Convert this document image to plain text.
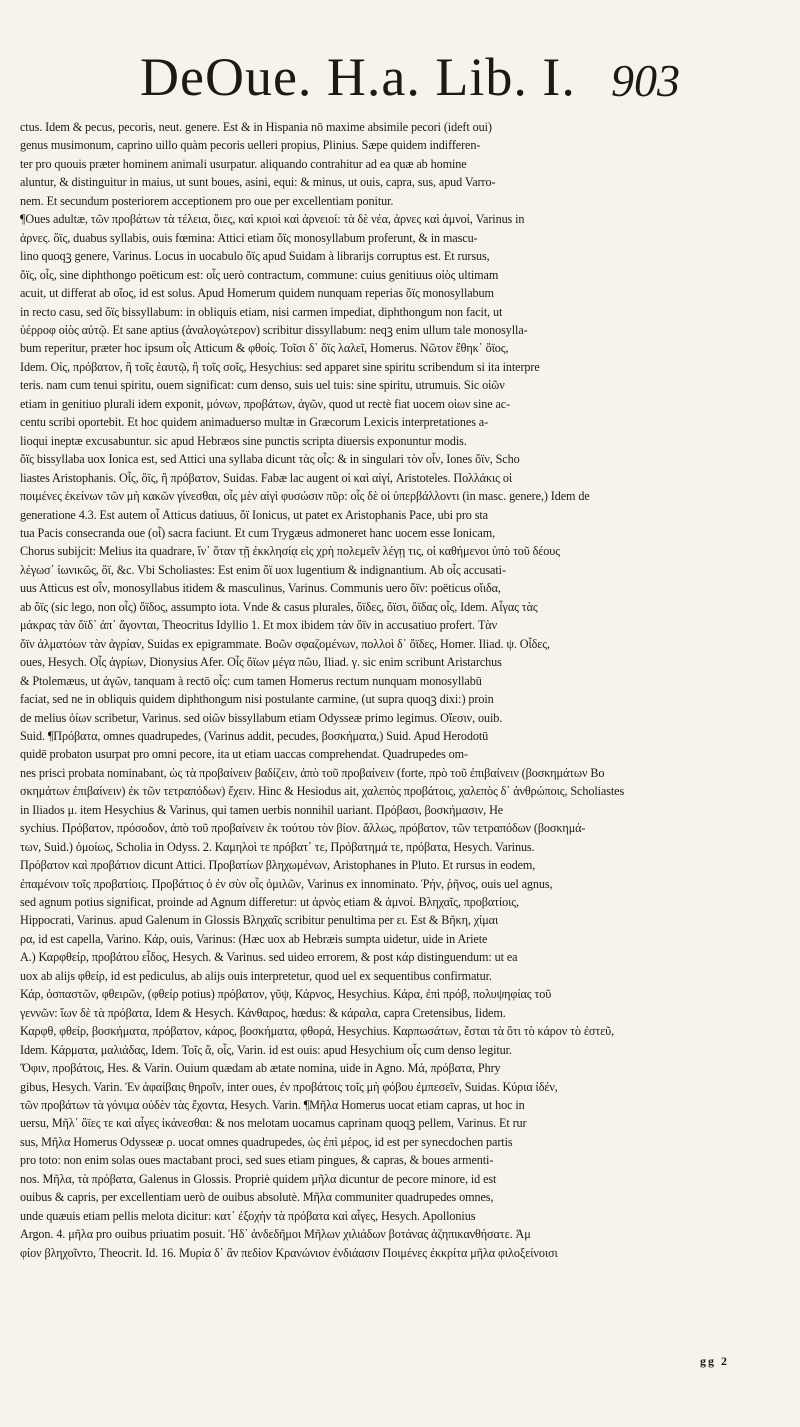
DeOue. H.a. Lib. I. 903
ctus. Idem & pecus, pecoris, neut. genere. Est & in Hispania nō maxime absimile pecori (ideft oui)
genus musimonum, caprino uillo quàm pecoris uelleri propius, Plinius. Sæpe quidem indifferen-
ter pro quouis præter hominem animali usurpatur. aliquando contrahitur ad ea quæ ab homine
aluntur, & distinguitur in maius, ut sunt boues, asini, equi: & minus, ut ouis, capra, sus, apud Varro-
nem. Et secundum posteriorem acceptionem pro oue per excellentiam ponitur.
¶Oues adultæ, τῶν προβάτων τὰ τέλεια, ὄιες, καὶ κριοὶ καὶ ἀρνειοί: τὰ δὲ νέα, ἀρνες καὶ ἀμνοί, Varinus in
ἀρνες. ὄϊς, duabus syllabis, ouis fœmina: Attici etiam ὄϊς monosyllabum proferunt, & in mascu-
lino quoqꝫ genere, Varinus. Locus in uocabulo ὄϊς apud Suidam à librarijs corruptus est. Et rursus,
ὄϊς, οἶς, sine diphthongo poëticum est: οἶς uerò contractum, commune: cuius genitiuus οἰὸς ultimam
acuit, ut differat ab οἴος, id est solus. Apud Homerum quidem nunquam reperias ὄϊς monosyllabum
in recto casu, sed ὄϊς bissyllabum: in obliquis etiam, nisi carmen impediat, diphthongum non facit, ut
ὑέρροφ οἰὸς αὐτῷ. Et sane aptius (ἀναλογώτερον) scribitur dissyllabum: neqꝫ enim ullum tale monosylla-
bum reperitur, præter hoc ipsum οἶς Atticum & φθοίς. Τοῖσι δ᾽ ὄϊς λαλεῖ, Homerus. Νῶτον ἔθηκ᾽ ὄϊος,
Idem. Οἰς, πρόβατον, ἢ τοῖς ἑαυτῷ, ἢ τοῖς σοῖς, Hesychius: sed apparet sine spiritu scribendum si ita interpre
teris. nam cum tenui spiritu, ouem significat: cum denso, suis uel tuis: sine spiritu, utrumuis. Sic οἰῶν
etiam in genitiuo plurali idem exponit, μόνων, προβάτων, ἀγῶν, quod ut rectè fiat uocem οἰων sine ac-
centu scribi oportebit. Et hoc quidem animaduerso multæ in Græcorum Lexicis interpretationes a-
lioqui ineptæ excusabuntur. sic apud Hebræos sine punctis scripta diuersis exponuntur modis.
ὄϊς bissyllaba uox Ionica est, sed Attici una syllaba dicunt τὰς οἶς: & in singulari τὸν οἶν, Iones ὄϊν, Scho
liastes Aristophanis. Οἶς, ὄϊς, ἢ πρόβατον, Suidas. Fabæ lac augent οἱ καὶ αἰγί, Aristoteles. Πολλάκις οἱ
ποιμένες ἐκείνων τῶν μὴ κακῶν γίνεσθαι, οἷς μὲν αἰγὶ φυσώσιν πῦρ: οἷς δὲ οἱ ὑπερβάλλοντι (in masc. genere,) Idem de
generatione 4.3. Est autem οἶ Atticus datiuus, ὄϊ Ionicus, ut patet ex Aristophanis Pace, ubi pro sta
tua Pacis consecranda oue (οἶ) sacra faciunt. Et cum Trygæus admoneret hanc uocem esse Ionicam,
Chorus subijcit: Melius ita quadrare, ἵν᾽ ὅταν τῇ ἐκκλησίᾳ εἰς χρὴ πολεμεῖν λέγῃ τις, οἱ καθήμενοι ὑπὸ τοῦ δέους
λέγωσ᾽ ἰωνικῶς, ὄϊ, &c. Vbi Scholiastes: Est enim ὄϊ uox lugentium & indignantium. Ab οἶς accusati-
uus Atticus est οἶν, monosyllabus itidem & masculinus, Varinus. Communis uero ὄϊν: poëticus οἴιδα,
ab ὄϊς (sic lego, non οἶς) ὄϊδος, assumpto iota. Vnde & casus plurales, ὄϊδες, ὄϊσι, ὄϊδας οἷς, Idem. Αἶγας τὰς
μάκρας τὰν ὄϊδ᾽ ἀπ᾽ ἄγονται, Theocritus Idyllio 1. Et mox ibidem τὰν ὄϊν in accusatiuo profert. Τὰν
ὄϊν ἀλματόων τὰν ἀγρίαν, Suidas ex epigrammate. Βοῶν σφαζομένων, πολλοὶ δ᾽ ὄϊδες, Homer. Iliad. ψ. Οἶδες,
oues, Hesych. Οἶς ἀγρίων, Dionysius Afer. Οἶς ὄϊων μέγα πῶυ, Iliad. γ. sic enim scribunt Aristarchus
& Ptolemæus, ut ἀγῶν, tanquam à rectō οἶς: cum tamen Homerus rectum nunquam monosyllabū
faciat, sed ne in obliquis quidem diphthongum nisi postulante carmine, (ut supra quoqꝫ dixi:) proin
de melius ὀίων scribetur, Varinus. sed οἰῶν bissyllabum etiam Odysseæ primo legimus. Οἴεσιν, ouib.
Suid. ¶Πρόβατα, omnes quadrupedes, (Varinus addit, pecudes, βοσκήματα,) Suid. Apud Herodotū
quidē probaton usurpat pro omni pecore, ita ut etiam uaccas comprehendat. Quadrupedes om-
nes prisci probata nominabant, ὡς τὰ προβαίνειν βαδίζειν, ἀπὸ τοῦ προβαίνειν (forte, πρὸ τοῦ ἐπιβαίνειν (βοσκημάτων Βο
σκημάτων ἐπιβαίνειν) ἐκ τῶν τετραπόδων) ἔχειν. Hinc & Hesiodus ait, χαλεπὸς προβάτοις, χαλεπὸς δ᾽ ἀνθρώποις, Scholiastes
in Iliados μ. item Hesychius & Varinus, qui tamen uerbis nonnihil uariant. Πρόβασι, βοσκήμασιν, He
sychius. Πρόβατον, πρόσοδον, ἀπὸ τοῦ προβαίνειν ἐκ τούτου τὸν βίον. ἄλλως, πρόβατον, τῶν τετραπόδων (βοσκημά-
των, Suid.) ὁμοίως, Scholia in Odyss. 2. Καμηλοὶ τε πρόβατ᾽ τε, Πρόβατημά τε, πρόβατα, Hesych. Varinus.
Πρόβατον καὶ προβάτιον dicunt Attici. Προβατίων βληχωμένων, Aristophanes in Pluto. Et rursus in eodem,
ἐπαμένοιν τοῖς προβατίοις. Προβάτιος ὁ ἐν σὺν οἷς ὁμιλῶν, Varinus ex innominato. Ῥήν, ῥῆνος, ouis uel agnus,
sed agnum potius significat, proinde ad Agnum differetur: ut ἀρνὸς etiam & ἀμνοί. Βληχαῖς, προβατίοις,
Hippocrati, Varinus. apud Galenum in Glossis Βληχαῖς scribitur penultima per ει. Est & Βῆκη, χίμαι
ρα, id est capella, Varino. Κάρ, ouis, Varinus: (Hæc uox ab Hebræis sumpta uidetur, uide in Ariete
A.) Καρφθείρ, προβάτου εἶδος, Hesych. & Varinus. sed uideo errorem, & post κάρ distinguendum: ut ea
uox ab alijs φθείρ, id est pediculus, ab alijs ouis interpretetur, quod uel ex sequentibus confirmatur.
Κάρ, ὀσπαστῶν, φθειρῶν, (φθείρ potius) πρόβατον, γῦψ, Κάρνος, Hesychius. Κάρα, ἐπὶ πρόβ, πολυψηφίας τοῦ
γεννῶν: ἴων δὲ τὰ πρόβατα, Idem & Hesych. Κάνθαρος, hœdus: & κάραλα, capra Cretensibus, Iidem.
Καρφθ, φθείρ, βοσκήματα, πρόβατον, κάρος, βοσκήματα, φθορά, Hesychius. Καρπωσάτων, ἔσται τὰ ὅτι τὸ κάρον τὸ ἐστεῦ,
Idem. Κάρματα, μαλιάδας, Idem. Τοῖς ἄ, οἶς, Varin. id est ouis: apud Hesychium οἶς cum denso legitur.
Ὄφιν, προβάτοις, Hes. & Varin. Ouium quædam ab ætate nomina, uide in Agno. Μά, πρόβατα, Phry
gibus, Hesych. Varin. Ἐν ἀφαίβαις θηροῖν, inter oues, ἐν προβάτοις τοῖς μὴ φόβου ἐμπεσεῖν, Suidas. Κύρια ἰδέν,
τῶν προβάτων τὰ γόνιμα οὐδὲν τὰς ἔχοντα, Hesych. Varin. ¶Μῆλα Homerus uocat etiam capras, ut hoc in
uersu, Μῆλ᾽ ὄϊες τε καὶ αἶγες ἰκάνεσθαι: & nos melotam uocamus caprinam quoqꝫ pellem, Varinus. Et rur
sus, Μῆλα Homerus Odysseæ ρ. uocat omnes quadrupedes, ὡς ἐπὶ μέρος, id est per synecdochen partis
pro toto: non enim solas oues mactabant proci, sed sues etiam pingues, & capras, & boues armenti-
nos. Μῆλα, τὰ πρόβατα, Galenus in Glossis. Propriè quidem μῆλα dicuntur de pecore minore, id est
ouibus & capris, per excellentiam uerò de ouibus absolutè. Μῆλα communiter quadrupedes omnes,
unde quæuis etiam pellis melota dicitur: κατ᾽ ἐξοχὴν τὰ πρόβατα καὶ αἶγες, Hesych. Apollonius
Argon. 4. μῆλα pro ouibus priuatim posuit. Ἠδ᾽ ἀνδεδῆμοι Μῆλων χιλιάδων βοτάνας ἀζηπικανθήσατε. Ἀμ
φίον βληχοῖντο, Theocrit. Id. 16. Μυρία δ᾽ ἂν πεδίον Κρανώνιον ἐνδιάασιν Ποιμένες ἐκκρίτα μῆλα φιλοξείνοισι
gg 2
